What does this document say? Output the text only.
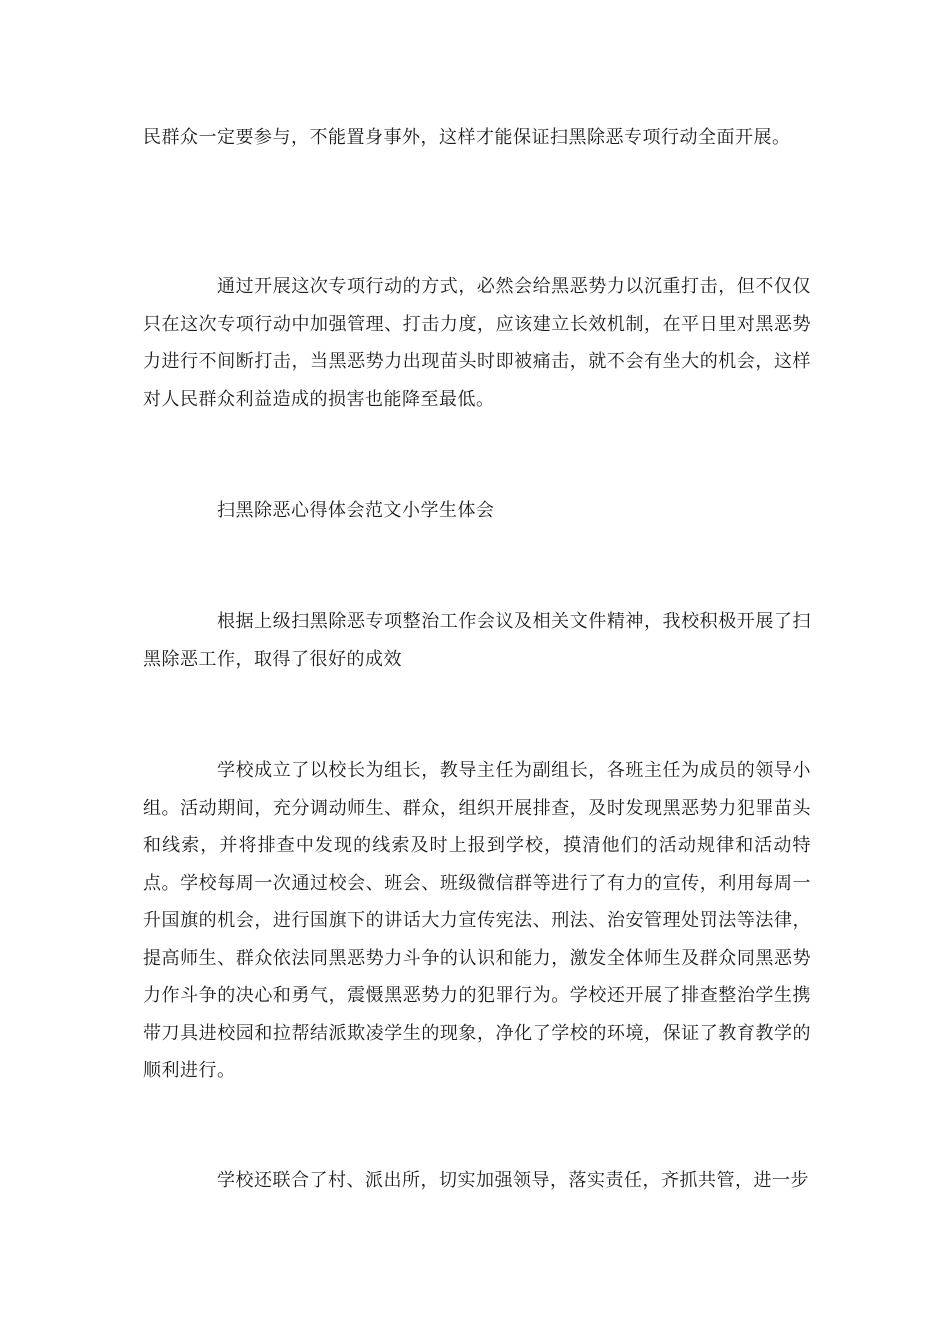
民群众一定要参与，不能置身事外，这样才能保证扫黑除恶专项行动全面开展。

通过开展这次专项行动的方式，必然会给黑恶势力以沉重打击，但不仅仅只在这次专项行动中加强管理、打击力度，应该建立长效机制，在平日里对黑恶势力进行不间断打击，当黑恶势力出现苗头时即被痛击，就不会有坐大的机会，这样对人民群众利益造成的损害也能降至最低。

扫黑除恶心得体会范文小学生体会

根据上级扫黑除恶专项整治工作会议及相关文件精神，我校积极开展了扫黑除恶工作，取得了很好的成效

学校成立了以校长为组长，教导主任为副组长，各班主任为成员的领导小组。活动期间，充分调动师生、群众，组织开展排查，及时发现黑恶势力犯罪苗头和线索，并将排查中发现的线索及时上报到学校，摸清他们的活动规律和活动特点。学校每周一次通过校会、班会、班级微信群等进行了有力的宣传，利用每周一升国旗的机会，进行国旗下的讲话大力宣传宪法、刑法、治安管理处罚法等法律，提高师生、群众依法同黑恶势力斗争的认识和能力，激发全体师生及群众同黑恶势力作斗争的决心和勇气，震慑黑恶势力的犯罪行为。学校还开展了排查整治学生携带刀具进校园和拉帮结派欺凌学生的现象，净化了学校的环境，保证了教育教学的顺利进行。

学校还联合了村、派出所，切实加强领导，落实责任，齐抓共管，进一步
